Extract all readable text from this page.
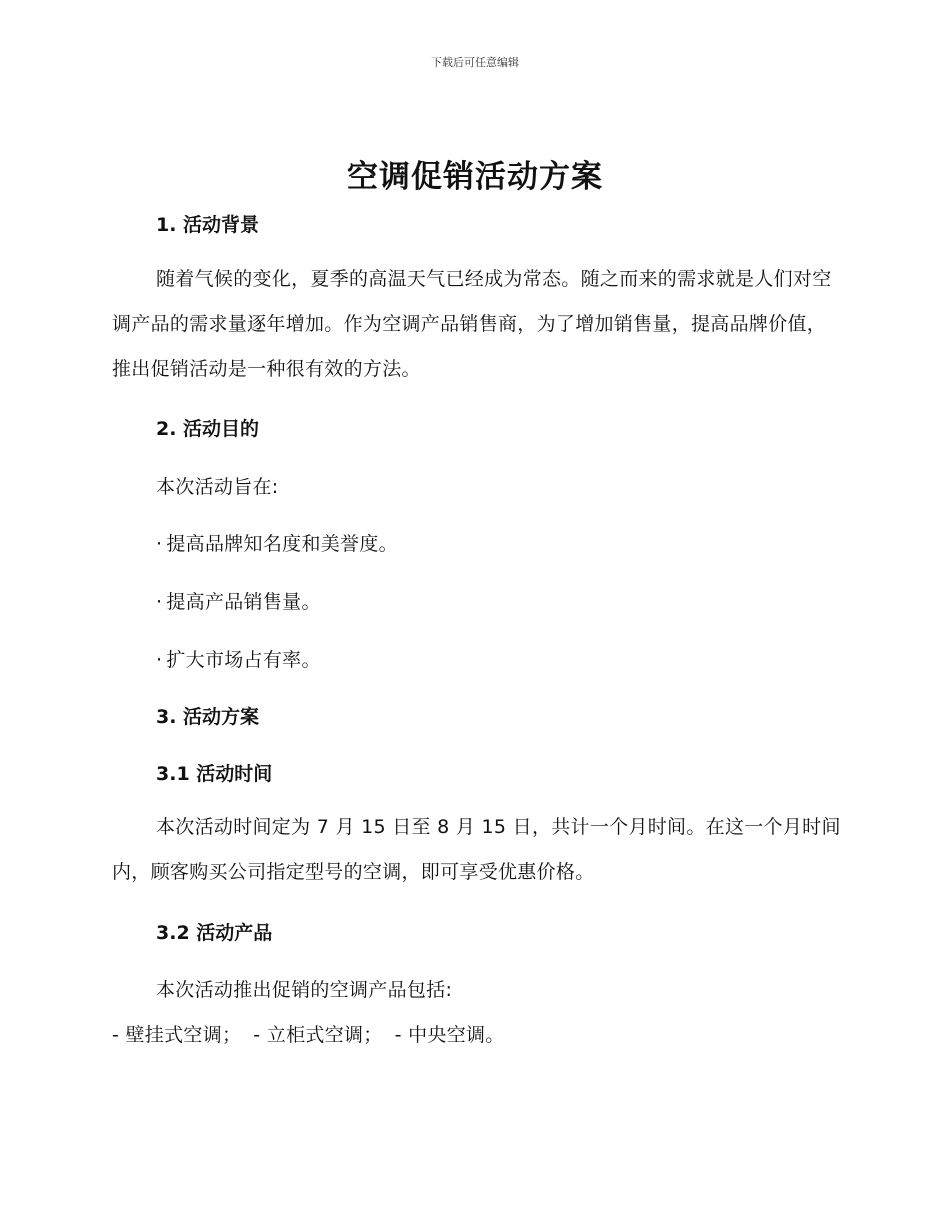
下载后可任意编辑
空调促销活动方案
1. 活动背景

随着气候的变化，夏季的高温天气已经成为常态。随之而来的需求就是人们对空调产品的需求量逐年增加。作为空调产品销售商，为了增加销售量，提高品牌价值，推出促销活动是一种很有效的方法。

2. 活动目的

本次活动旨在:

· 提高品牌知名度和美誉度。

· 提高产品销售量。

· 扩大市场占有率。

3. 活动方案
3.1 活动时间

本次活动时间定为 7 月 15 日至 8 月 15 日，共计一个月时间。在这一个月时间内，顾客购买公司指定型号的空调，即可享受优惠价格。

3.2 活动产品

本次活动推出促销的空调产品包括:

- 壁挂式空调； - 立柜式空调； - 中央空调。
